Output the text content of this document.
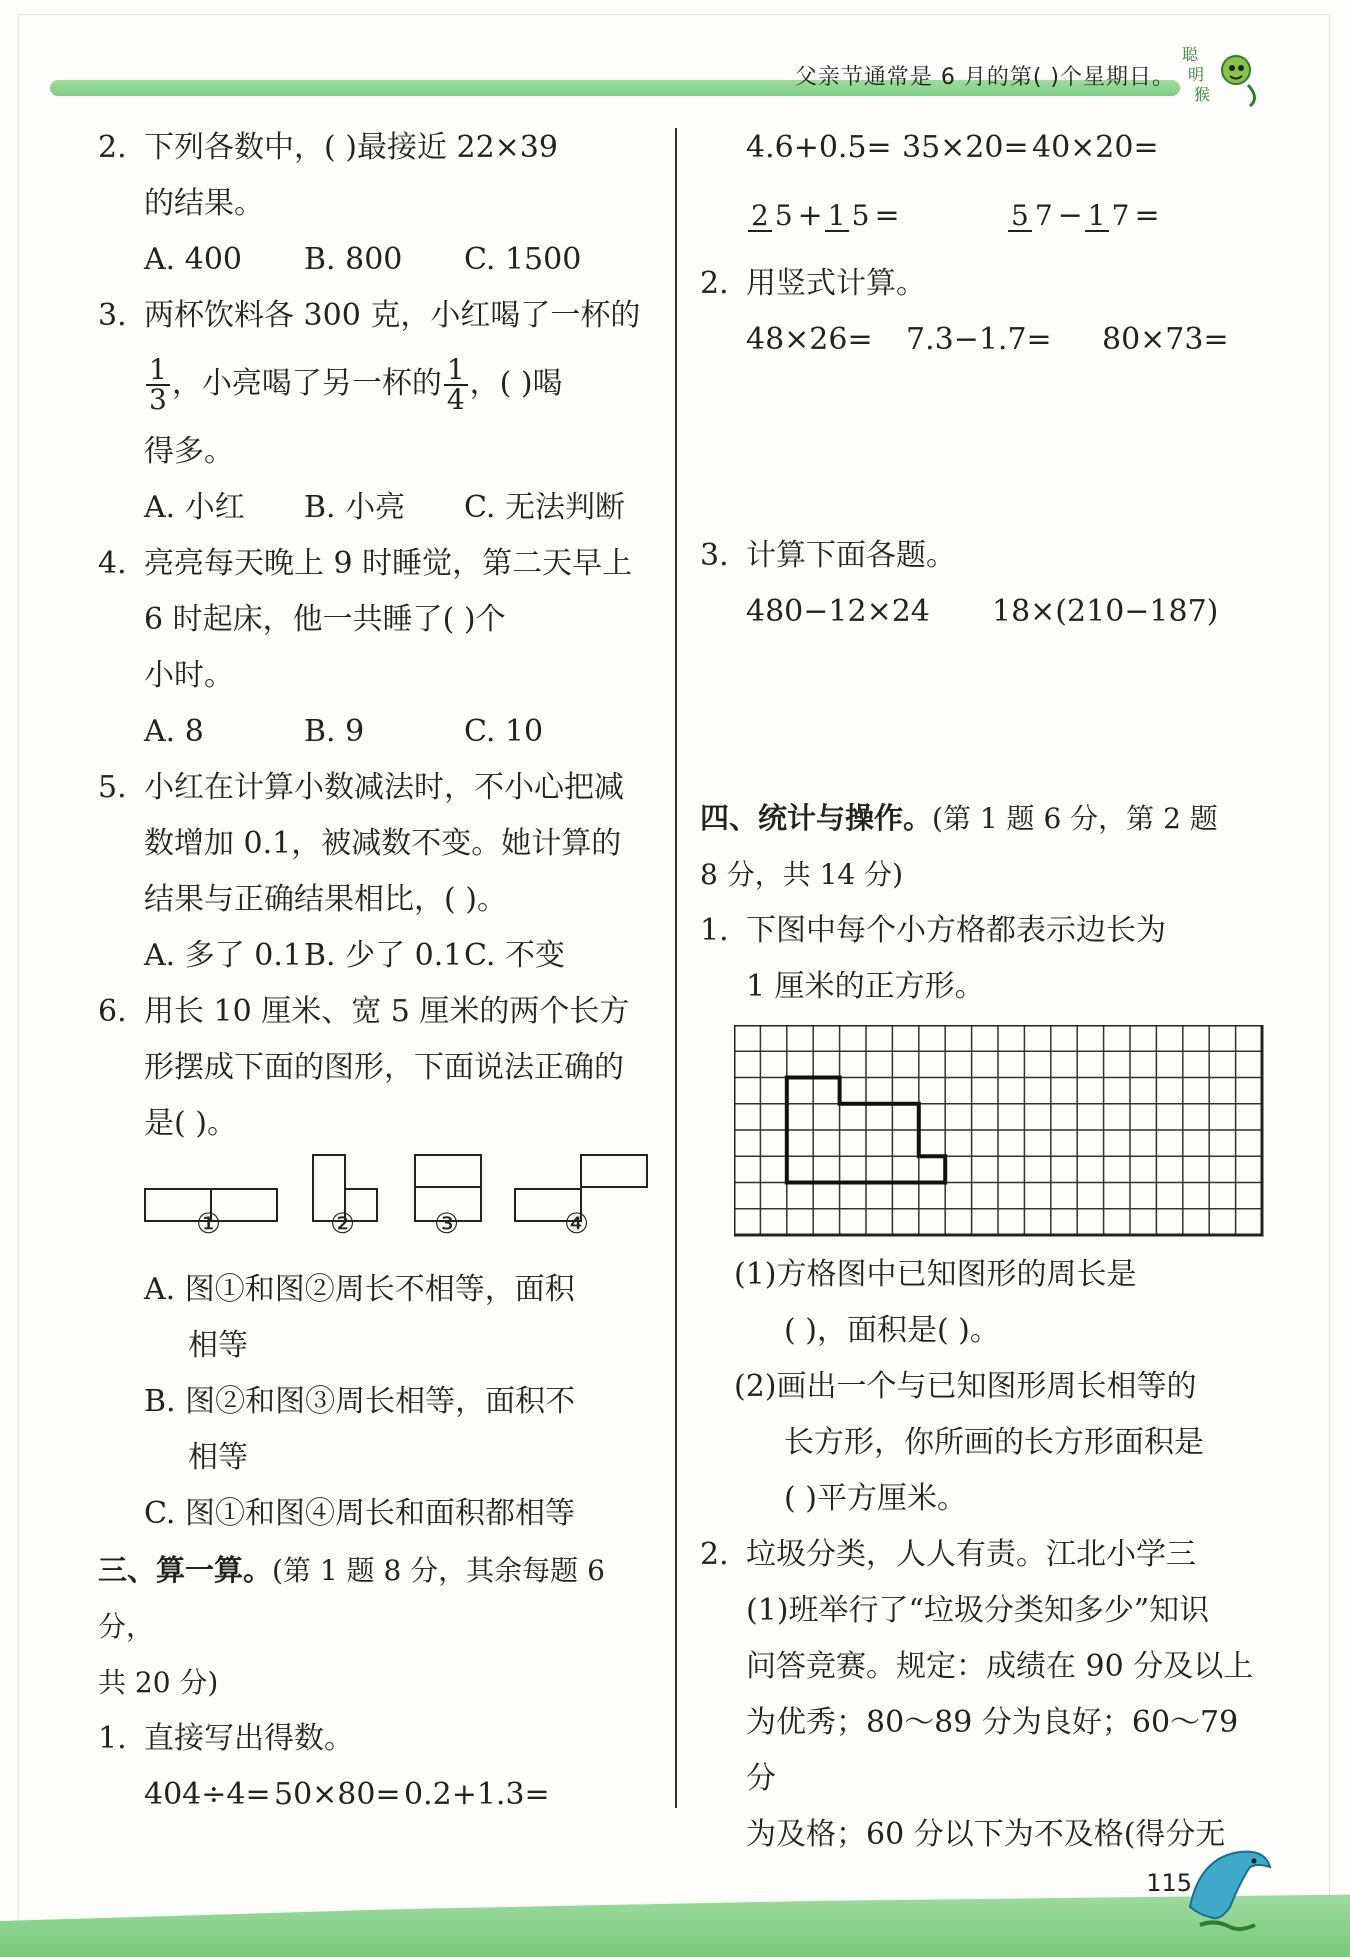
父亲节通常是 6 月的第( )个星期日。
聪
明
猴
2. 下列各数中，( )最接近 22×39
的结果。
A. 400	B. 800	C. 1500
3. 两杯饮料各 300 克，小红喝了一杯的
$\frac{1}{3}$ ，小亮喝了另一杯的 $\frac{1}{4}$ ，( )喝
得多。
A. 小红	B. 小亮	C. 无法判断
4. 亮亮每天晚上 9 时睡觉，第二天早上
6 时起床，他一共睡了( )个
小时。
A. 8	B. 9	C. 10
5. 小红在计算小数减法时，不小心把减
数增加 0.1，被减数不变。她计算的
结果与正确结果相比，( )。
A. 多了 0.1 B. 少了 0.1 C. 不变
6. 用长 10 厘米、宽 5 厘米的两个长方
形摆成下面的图形，下面说法正确的
是( )。
①	②	③	④
A. 图①和图②周长不相等，面积
相等
B. 图②和图③周长相等，面积不
相等
C. 图①和图④周长和面积都相等
三、算一算。(第 1 题 8 分，其余每题 6 分，
共 20 分)
1. 直接写出得数。
404÷4= 50×80= 0.2+1.3=
4.6+0.5= 35×20= 40×20=
2 5 + 1 5 =	5 7 − 1 7 =
2. 用竖式计算。
48×26=	7.3−1.7=	80×73=
3. 计算下面各题。
480−12×24	18×(210−187)
四、统计与操作。(第 1 题 6 分，第 2 题
8 分，共 14 分)
1. 下图中每个小方格都表示边长为
1 厘米的正方形。
(1)方格图中已知图形的周长是
( )，面积是( )。
(2)画出一个与已知图形周长相等的
长方形，你所画的长方形面积是
( )平方厘米。
2. 垃圾分类，人人有责。江北小学三
(1)班举行了“垃圾分类知多少”知识
问答竞赛。规定：成绩在 90 分及以上
为优秀；80～89 分为良好；60～79 分
为及格；60 分以下为不及格(得分无
115
